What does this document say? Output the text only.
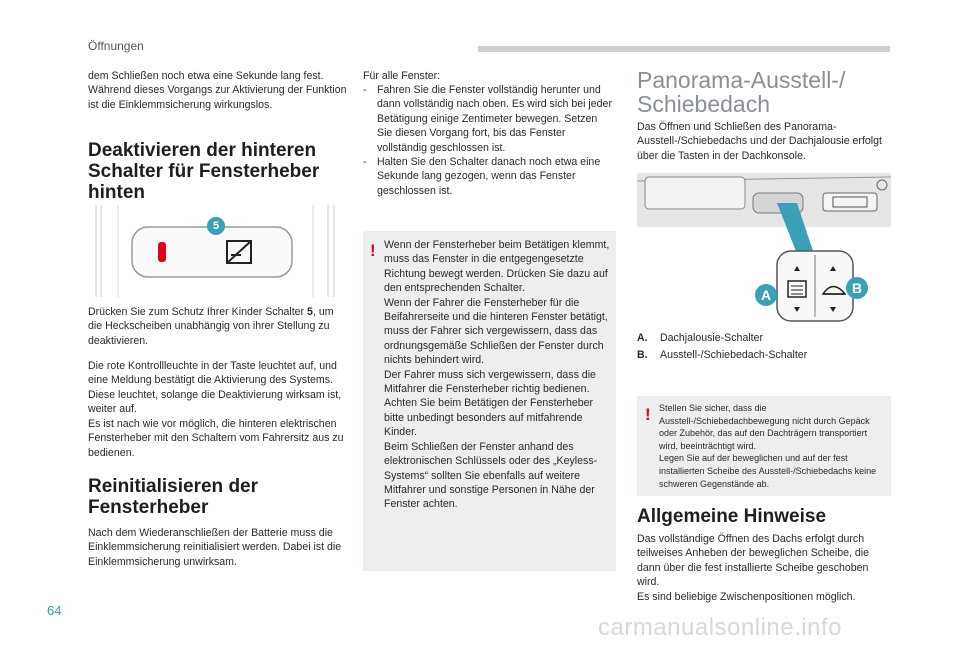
Öffnungen

dem Schließen noch etwa eine Sekunde lang fest. Während dieses Vorgangs zur Aktivierung der Funktion ist die Einklemmsicherung wirkungslos.

Deaktivieren der hinteren Schalter für Fensterheber hinten
5

Drücken Sie zum Schutz Ihrer Kinder Schalter 5, um die Heckscheiben unabhängig von ihrer Stellung zu deaktivieren.

Die rote Kontrollleuchte in der Taste leuchtet auf, und eine Meldung bestätigt die Aktivierung des Systems. Diese leuchtet, solange die Deaktivierung wirksam ist, weiter auf.

Es ist nach wie vor möglich, die hinteren elektrischen Fensterheber mit den Schaltern vom Fahrersitz aus zu bedienen.

Reinitialisieren der Fensterheber

Nach dem Wiederanschließen der Batterie muss die Einklemmsicherung reinitialisiert werden. Dabei ist die Einklemmsicherung unwirksam.

Für alle Fenster:

- Fahren Sie die Fenster vollständig herunter und dann vollständig nach oben. Es wird sich bei jeder Betätigung einige Zentimeter bewegen. Setzen Sie diesen Vorgang fort, bis das Fenster vollständig geschlossen ist.
- Halten Sie den Schalter danach noch etwa eine Sekunde lang gezogen, wenn das Fenster geschlossen ist.
! Wenn der Fensterheber beim Betätigen klemmt, muss das Fenster in die entgegengesetzte Richtung bewegt werden. Drücken Sie dazu auf den entsprechenden Schalter.

Wenn der Fahrer die Fensterheber für die Beifahrerseite und die hinteren Fenster betätigt, muss der Fahrer sich vergewissern, dass das ordnungsgemäße Schließen der Fenster durch nichts behindert wird.

Der Fahrer muss sich vergewissern, dass die Mitfahrer die Fensterheber richtig bedienen.

Achten Sie beim Betätigen der Fensterheber bitte unbedingt besonders auf mitfahrende Kinder.

Beim Schließen der Fenster anhand des elektronischen Schlüssels oder des „Keyless-Systems“ sollten Sie ebenfalls auf weitere Mitfahrer und sonstige Personen in Nähe der Fenster achten.

Panorama-Ausstell-/ Schiebedach

Das Öffnen und Schließen des Panorama-Ausstell-/Schiebedachs und der Dachjalousie erfolgt über die Tasten in der Dachkonsole.

A	B
A.	Dachjalousie-Schalter
B.	Ausstell-/Schiebedach-Schalter
! Stellen Sie sicher, dass die Ausstell-/Schiebedachbewegung nicht durch Gepäck oder Zubehör, das auf den Dachträgern transportiert wird, beeinträchtigt wird.
Legen Sie auf der beweglichen und auf der fest installierten Scheibe des Ausstell-/Schiebedachs keine schweren Gegenstände ab.
Allgemeine Hinweise

Das vollständige Öffnen des Dachs erfolgt durch teilweises Anheben der beweglichen Scheibe, die dann über die fest installierte Scheibe geschoben wird.

Es sind beliebige Zwischenpositionen möglich.

64
carmanualsonline.info
